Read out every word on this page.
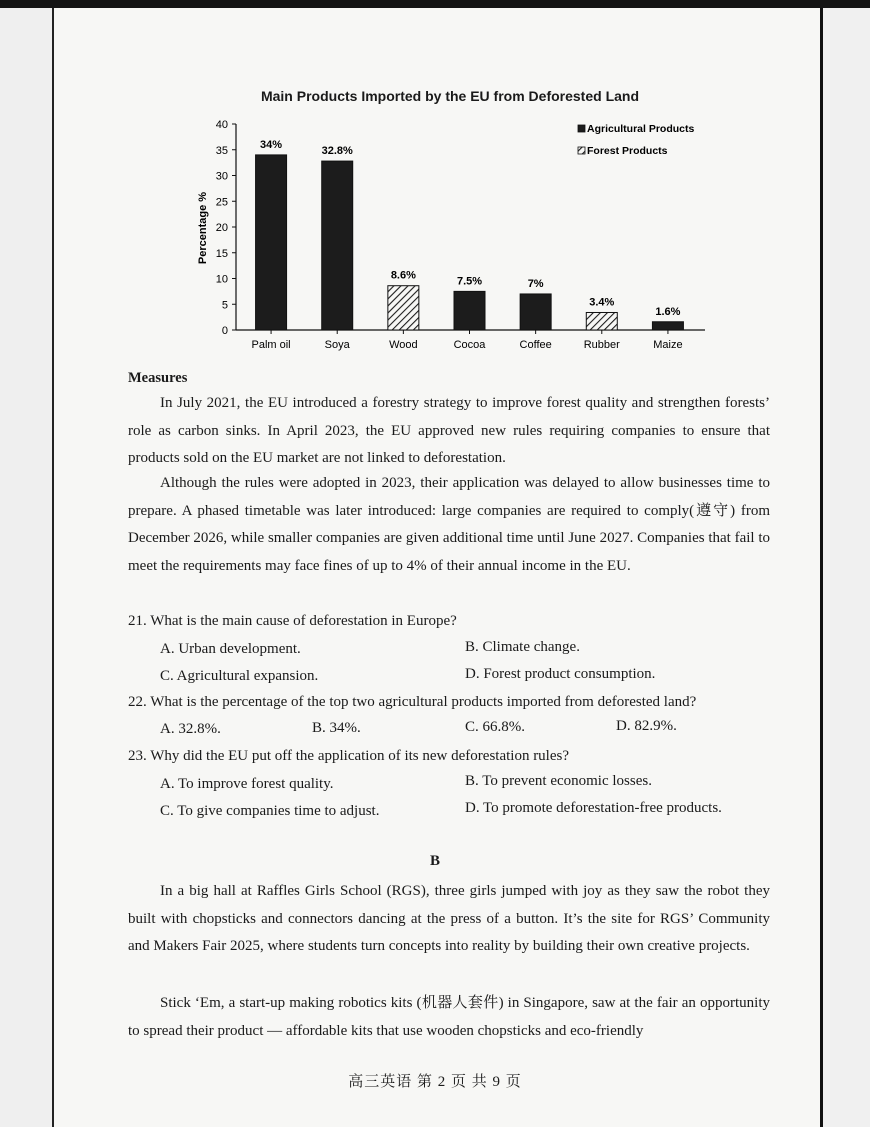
Main Products Imported by the EU from Deforested Land
0
5
10
15
20
25
30
35
40
Palm oil	Soya	Wood	Cocoa	Coffee	Rubber	Maize
34%
32.8%
8.6%	7.5%	7%
3.4%
1.6%
Agricultural Products
Forest Products
Percentage %
Measures

In July 2021, the EU introduced a forestry strategy to improve forest quality and strengthen forests’ role as carbon sinks. In April 2023, the EU approved new rules requiring companies to ensure that products sold on the EU market are not linked to deforestation.

Although the rules were adopted in 2023, their application was delayed to allow businesses time to prepare. A phased timetable was later introduced: large companies are required to comply(遵守) from December 2026, while smaller companies are given additional time until June 2027. Companies that fail to meet the requirements may face fines of up to 4% of their annual income in the EU.

21. What is the main cause of deforestation in Europe?
A. Urban development.	B. Climate change.
C. Agricultural expansion.	D. Forest product consumption.
22. What is the percentage of the top two agricultural products imported from deforested land?
A. 32.8%.	B. 34%.	C. 66.8%.	D. 82.9%.
23. Why did the EU put off the application of its new deforestation rules?
A. To improve forest quality.	B. To prevent economic losses.
C. To give companies time to adjust.	D. To promote deforestation-free products.
B

In a big hall at Raffles Girls School (RGS), three girls jumped with joy as they saw the robot they built with chopsticks and connectors dancing at the press of a button. It’s the site for RGS’ Community and Makers Fair 2025, where students turn concepts into reality by building their own creative projects.

Stick ‘Em, a start-up making robotics kits (机器人套件) in Singapore, saw at the fair an opportunity to spread their product — affordable kits that use wooden chopsticks and eco-friendly

高三英语 第 2 页 共 9 页
